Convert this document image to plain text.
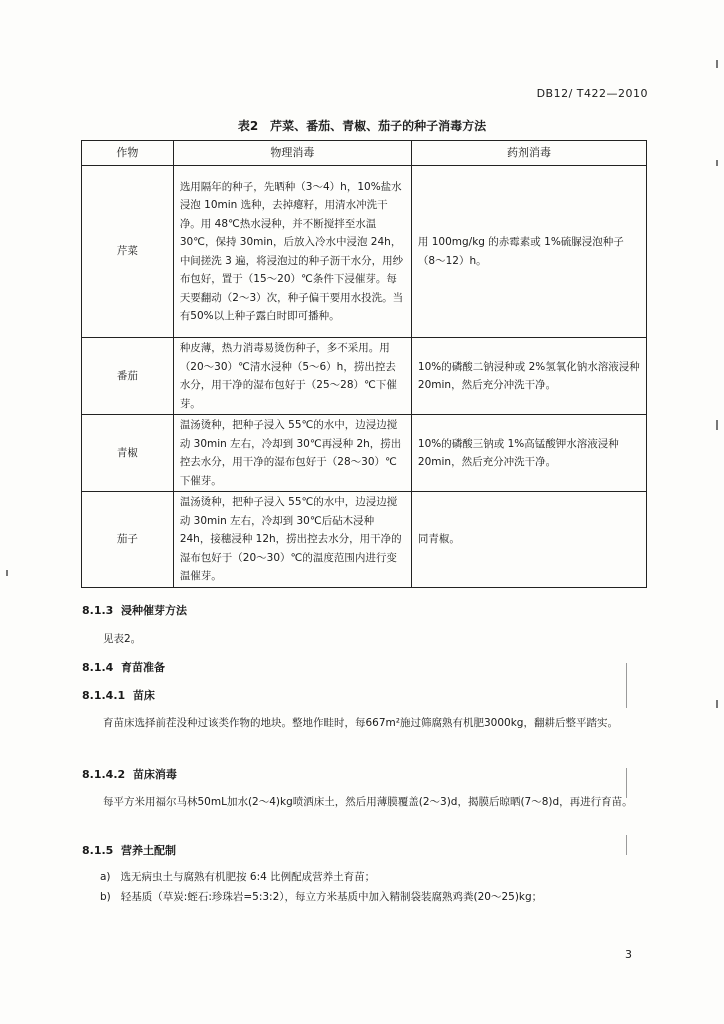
DB12/ T422—2010
表2　芹菜、番茄、青椒、茄子的种子消毒方法
作物	物理消毒	药剂消毒
芹菜	选用隔年的种子，先晒种（3～4）h，10%盐水浸泡 10min 选种，去掉瘪籽，用清水冲洗干净。用 48℃热水浸种，并不断搅拌至水温 30℃，保持 30min，后放入冷水中浸泡 24h，中间搓洗 3 遍，将浸泡过的种子沥干水分，用纱布包好，置于（15～20）℃条件下浸催芽。每天要翻动（2～3）次，种子偏干要用水投洗。当有50%以上种子露白时即可播种。	用 100mg/kg 的赤霉素或 1%硫脲浸泡种子（8～12）h。
番茄	种皮薄，热力消毒易烫伤种子，多不采用。用（20～30）℃清水浸种（5～6）h，捞出控去水分，用干净的湿布包好于（25～28）℃下催芽。	10%的磷酸二钠浸种或 2%氢氧化钠水溶液浸种 20min，然后充分冲洗干净。
青椒	温汤烫种，把种子浸入 55℃的水中，边浸边搅动 30min 左右，冷却到 30℃再浸种 2h，捞出控去水分，用干净的湿布包好于（28～30）℃下催芽。	10%的磷酸三钠或 1%高锰酸钾水溶液浸种 20min，然后充分冲洗干净。
茄子	温汤烫种，把种子浸入 55℃的水中，边浸边搅动 30min 左右，冷却到 30℃后砧木浸种 24h，接穗浸种 12h，捞出控去水分，用干净的湿布包好于（20～30）℃的温度范围内进行变温催芽。	同青椒。
8.1.3 浸种催芽方法
见表2。
8.1.4 育苗准备
8.1.4.1 苗床
育苗床选择前茬没种过该类作物的地块。整地作畦时，每667m²施过筛腐熟有机肥3000kg，翻耕后整平踏实。
8.1.4.2 苗床消毒
每平方米用福尔马林50mL加水(2～4)kg喷洒床土，然后用薄膜覆盖(2～3)d，揭膜后晾晒(7～8)d，再进行育苗。
8.1.5 营养土配制
a) 选无病虫土与腐熟有机肥按 6:4 比例配成营养土育苗；
b) 轻基质（草炭:蛭石:珍珠岩=5:3:2），每立方米基质中加入精制袋装腐熟鸡粪(20～25)kg；
3
